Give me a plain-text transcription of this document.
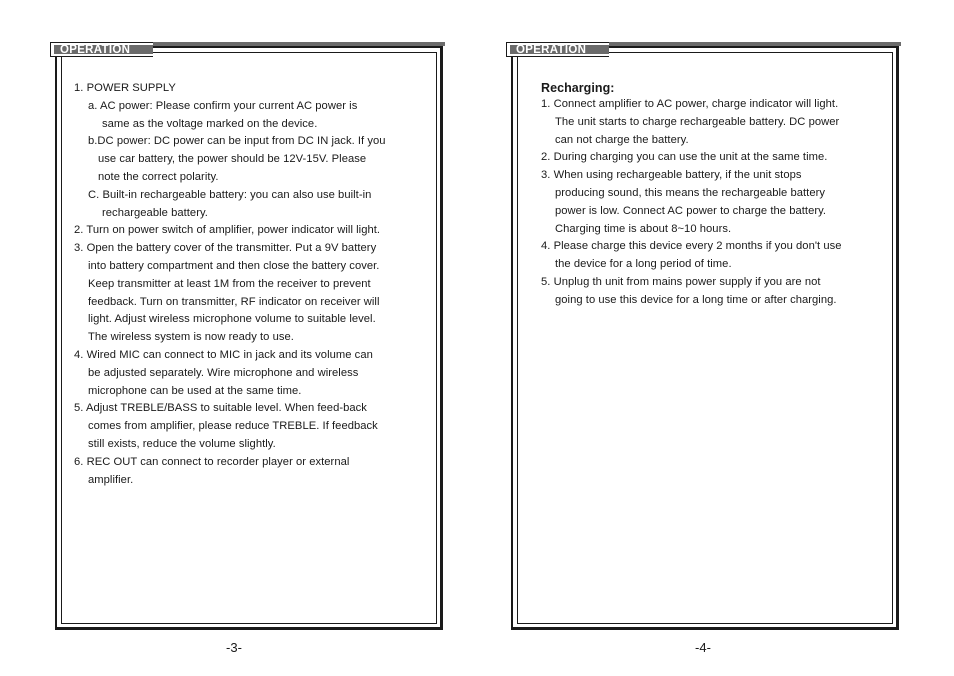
OPERATION

1. POWER SUPPLY

a. AC power: Please confirm your current AC power is

same as the voltage marked on the device.

b.DC power: DC power can be input from DC IN jack. If you

use car battery, the power should be 12V-15V. Please

note the correct polarity.

C. Built-in rechargeable battery: you can also use built-in

rechargeable battery.

2. Turn on power switch of amplifier, power indicator will light.

3. Open the battery cover of the transmitter. Put a 9V battery

into battery compartment and then close the battery cover.

Keep transmitter at least 1M from the receiver to prevent

feedback. Turn on transmitter, RF indicator on receiver will

light. Adjust wireless microphone volume to suitable level.

The wireless system is now ready to use.

4. Wired MIC can connect to MIC in jack and its volume can

be adjusted separately. Wire microphone and wireless

microphone can be used at the same time.

5. Adjust TREBLE/BASS to suitable level. When feed-back

comes from amplifier, please reduce TREBLE. If feedback

still exists, reduce the volume slightly.

6. REC OUT can connect to recorder player or external

amplifier.

-3-
OPERATION

Recharging:

1. Connect amplifier to AC power, charge indicator will light.

The unit starts to charge rechargeable battery. DC power

can not charge the battery.

2. During charging you can use the unit at the same time.

3. When using rechargeable battery, if the unit stops

producing sound, this means the rechargeable battery

power is low. Connect AC power to charge the battery.

Charging time is about 8~10 hours.

4. Please charge this device every 2 months if you don't use

the device for a long period of time.

5. Unplug th unit from mains power supply if you are not

going to use this device for a long time or after charging.

-4-
